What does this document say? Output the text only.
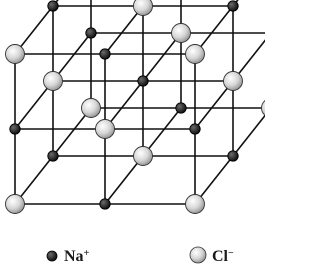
Na+	Cl−
